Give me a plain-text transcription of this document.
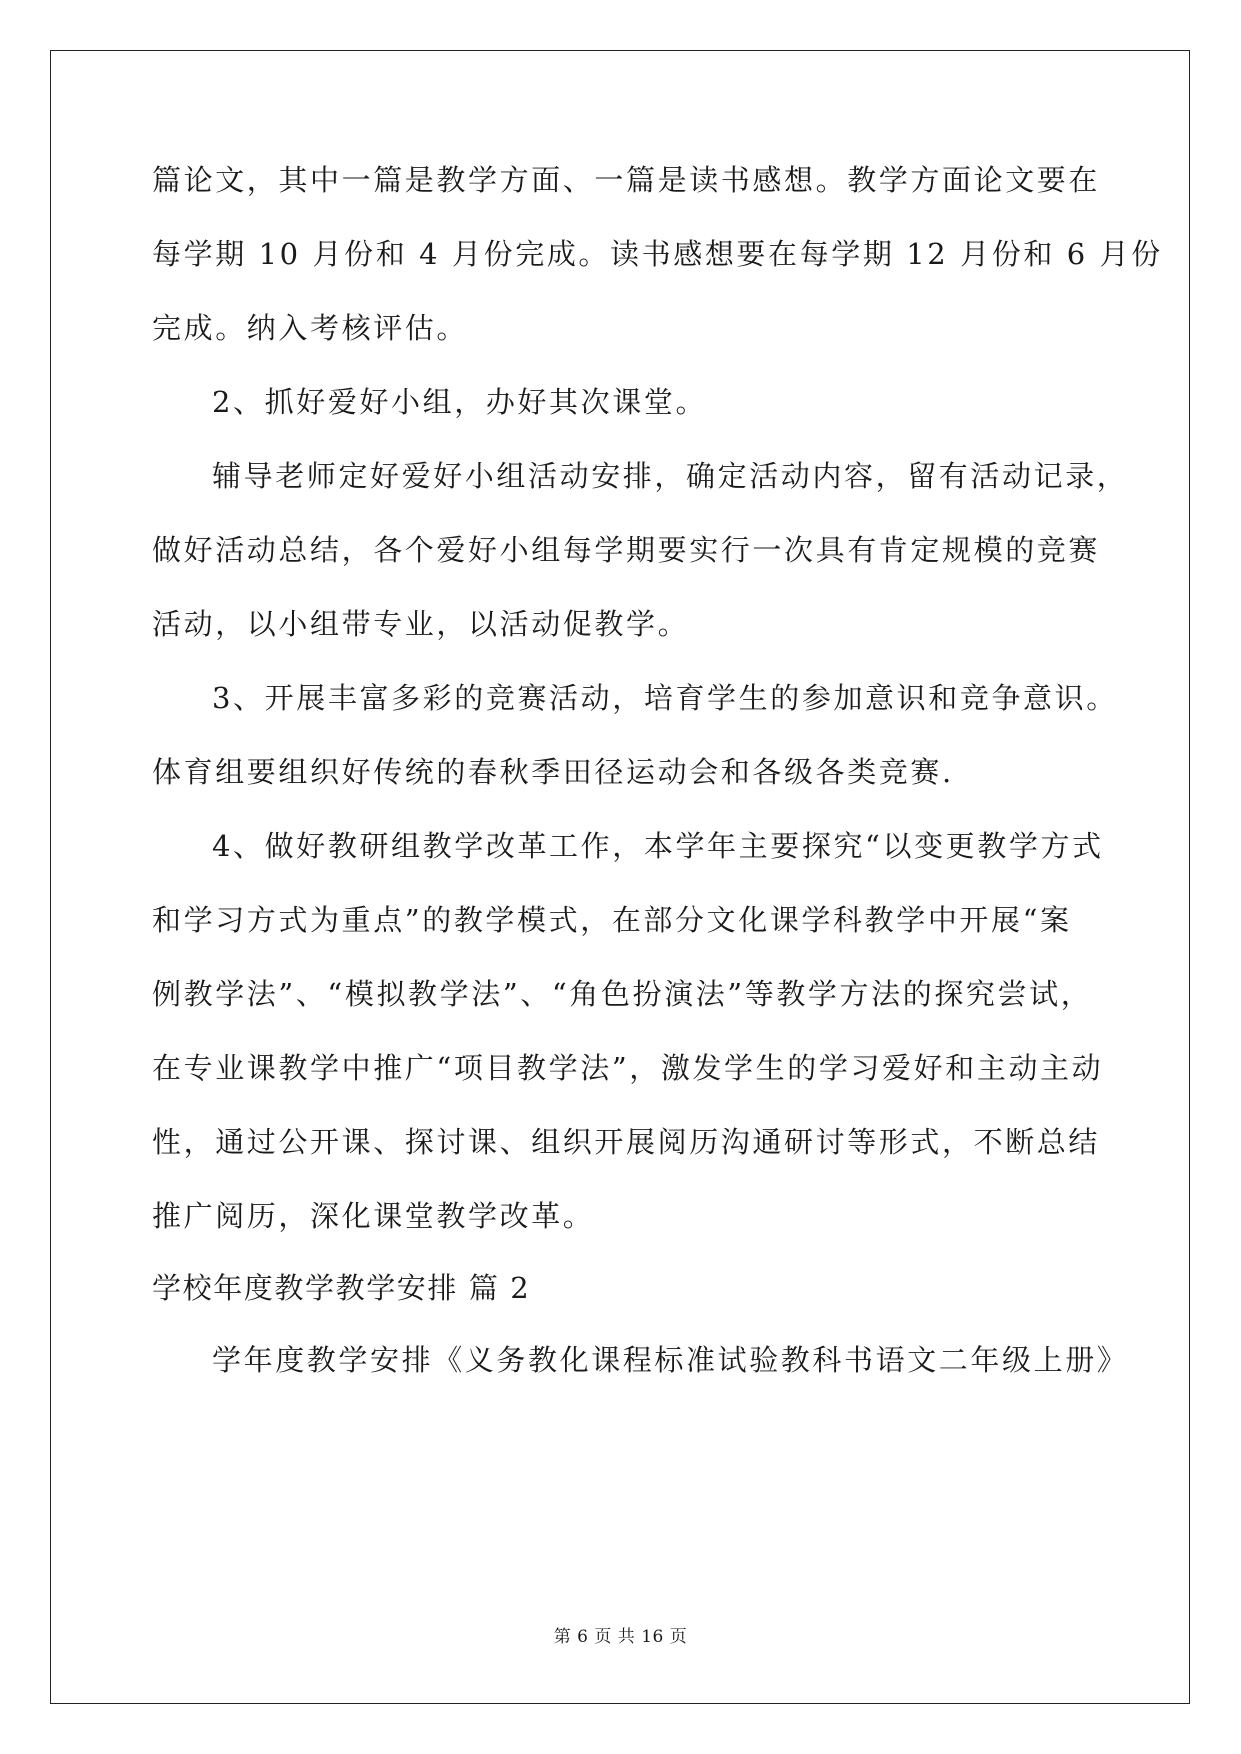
篇论文，其中一篇是教学方面、一篇是读书感想。教学方面论文要在
每学期 10 月份和 4 月份完成。读书感想要在每学期 12 月份和 6 月份
完成。纳入考核评估。
2、抓好爱好小组，办好其次课堂。
辅导老师定好爱好小组活动安排，确定活动内容，留有活动记录，
做好活动总结，各个爱好小组每学期要实行一次具有肯定规模的竞赛
活动，以小组带专业，以活动促教学。
3、开展丰富多彩的竞赛活动，培育学生的参加意识和竞争意识。
体育组要组织好传统的春秋季田径运动会和各级各类竞赛.
4、做好教研组教学改革工作，本学年主要探究“以变更教学方式
和学习方式为重点”的教学模式，在部分文化课学科教学中开展“案
例教学法”、“模拟教学法”、“角色扮演法”等教学方法的探究尝试，
在专业课教学中推广“项目教学法”，激发学生的学习爱好和主动主动
性，通过公开课、探讨课、组织开展阅历沟通研讨等形式，不断总结
推广阅历，深化课堂教学改革。
学校年度教学教学安排 篇 2
学年度教学安排《义务教化课程标准试验教科书语文二年级上册》
第 6 页 共 16 页
